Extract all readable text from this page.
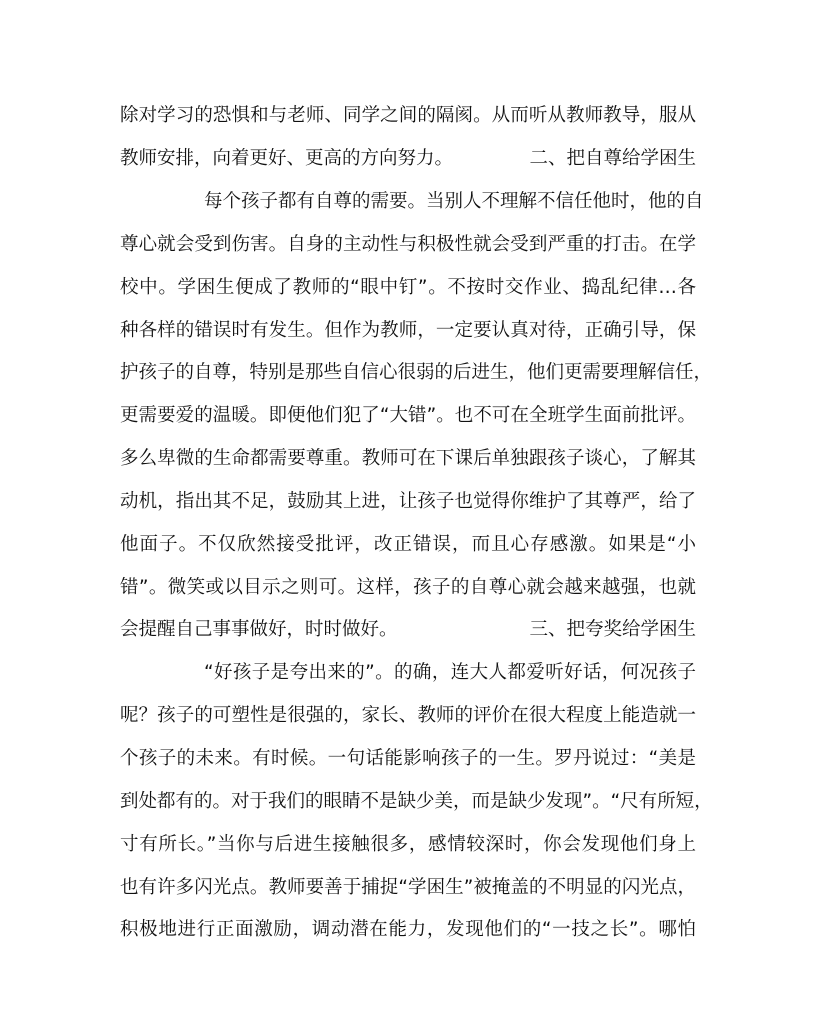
除对学习的恐惧和与老师、同学之间的隔阂。从而听从教师教导，服从
教师安排，向着更好、更高的方向努力。	二、把自尊给学困生
每个孩子都有自尊的需要。当别人不理解不信任他时，他的自
尊心就会受到伤害。自身的主动性与积极性就会受到严重的打击。在学
校中。学困生便成了教师的“眼中钉”。不按时交作业、捣乱纪律…各
种各样的错误时有发生。但作为教师，一定要认真对待，正确引导，保
护孩子的自尊，特别是那些自信心很弱的后进生，他们更需要理解信任，
更需要爱的温暖。即便他们犯了“大错”。也不可在全班学生面前批评。
多么卑微的生命都需要尊重。教师可在下课后单独跟孩子谈心，了解其
动机，指出其不足，鼓励其上进，让孩子也觉得你维护了其尊严，给了
他面子。不仅欣然接受批评，改正错误，而且心存感激。如果是“小
错”。微笑或以目示之则可。这样，孩子的自尊心就会越来越强，也就
会提醒自己事事做好，时时做好。	三、把夸奖给学困生
“好孩子是夸出来的”。的确，连大人都爱听好话，何况孩子
呢？孩子的可塑性是很强的，家长、教师的评价在很大程度上能造就一
个孩子的未来。有时候。一句话能影响孩子的一生。罗丹说过：“美是
到处都有的。对于我们的眼睛不是缺少美，而是缺少发现”。“尺有所短，
寸有所长。”当你与后进生接触很多，感情较深时，你会发现他们身上
也有许多闪光点。教师要善于捕捉“学困生”被掩盖的不明显的闪光点，
积极地进行正面激励，调动潜在能力，发现他们的“一技之长”。哪怕
